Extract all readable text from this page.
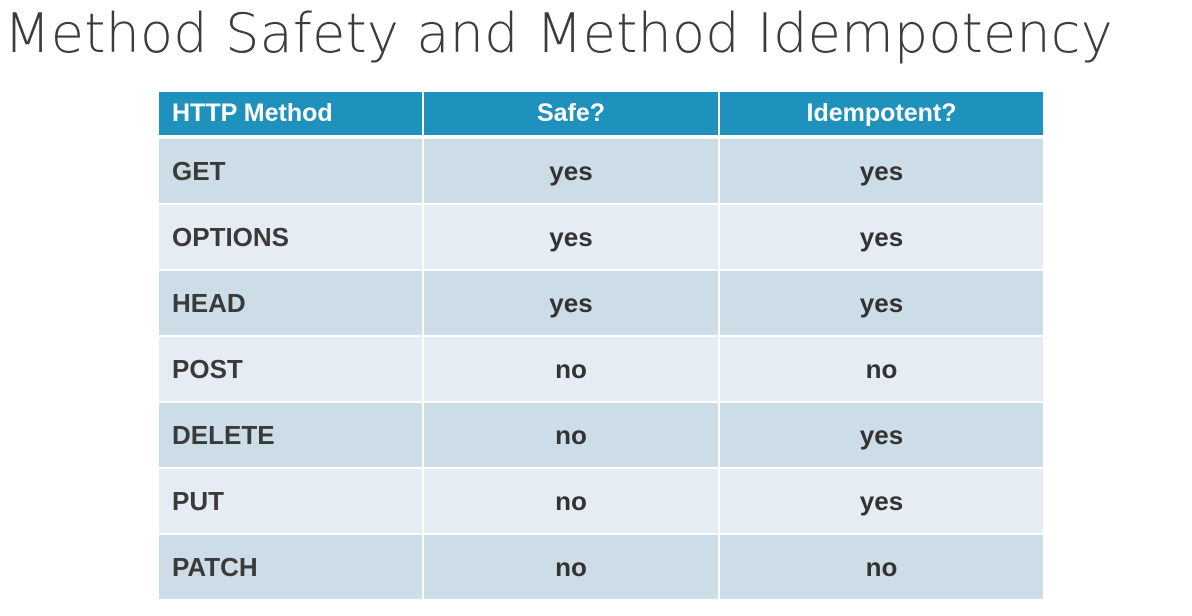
Method Safety and Method Idempotency
HTTP Method	Safe?	Idempotent?
GET	yes	yes
OPTIONS	yes	yes
HEAD	yes	yes
POST	no	no
DELETE	no	yes
PUT	no	yes
PATCH	no	no
